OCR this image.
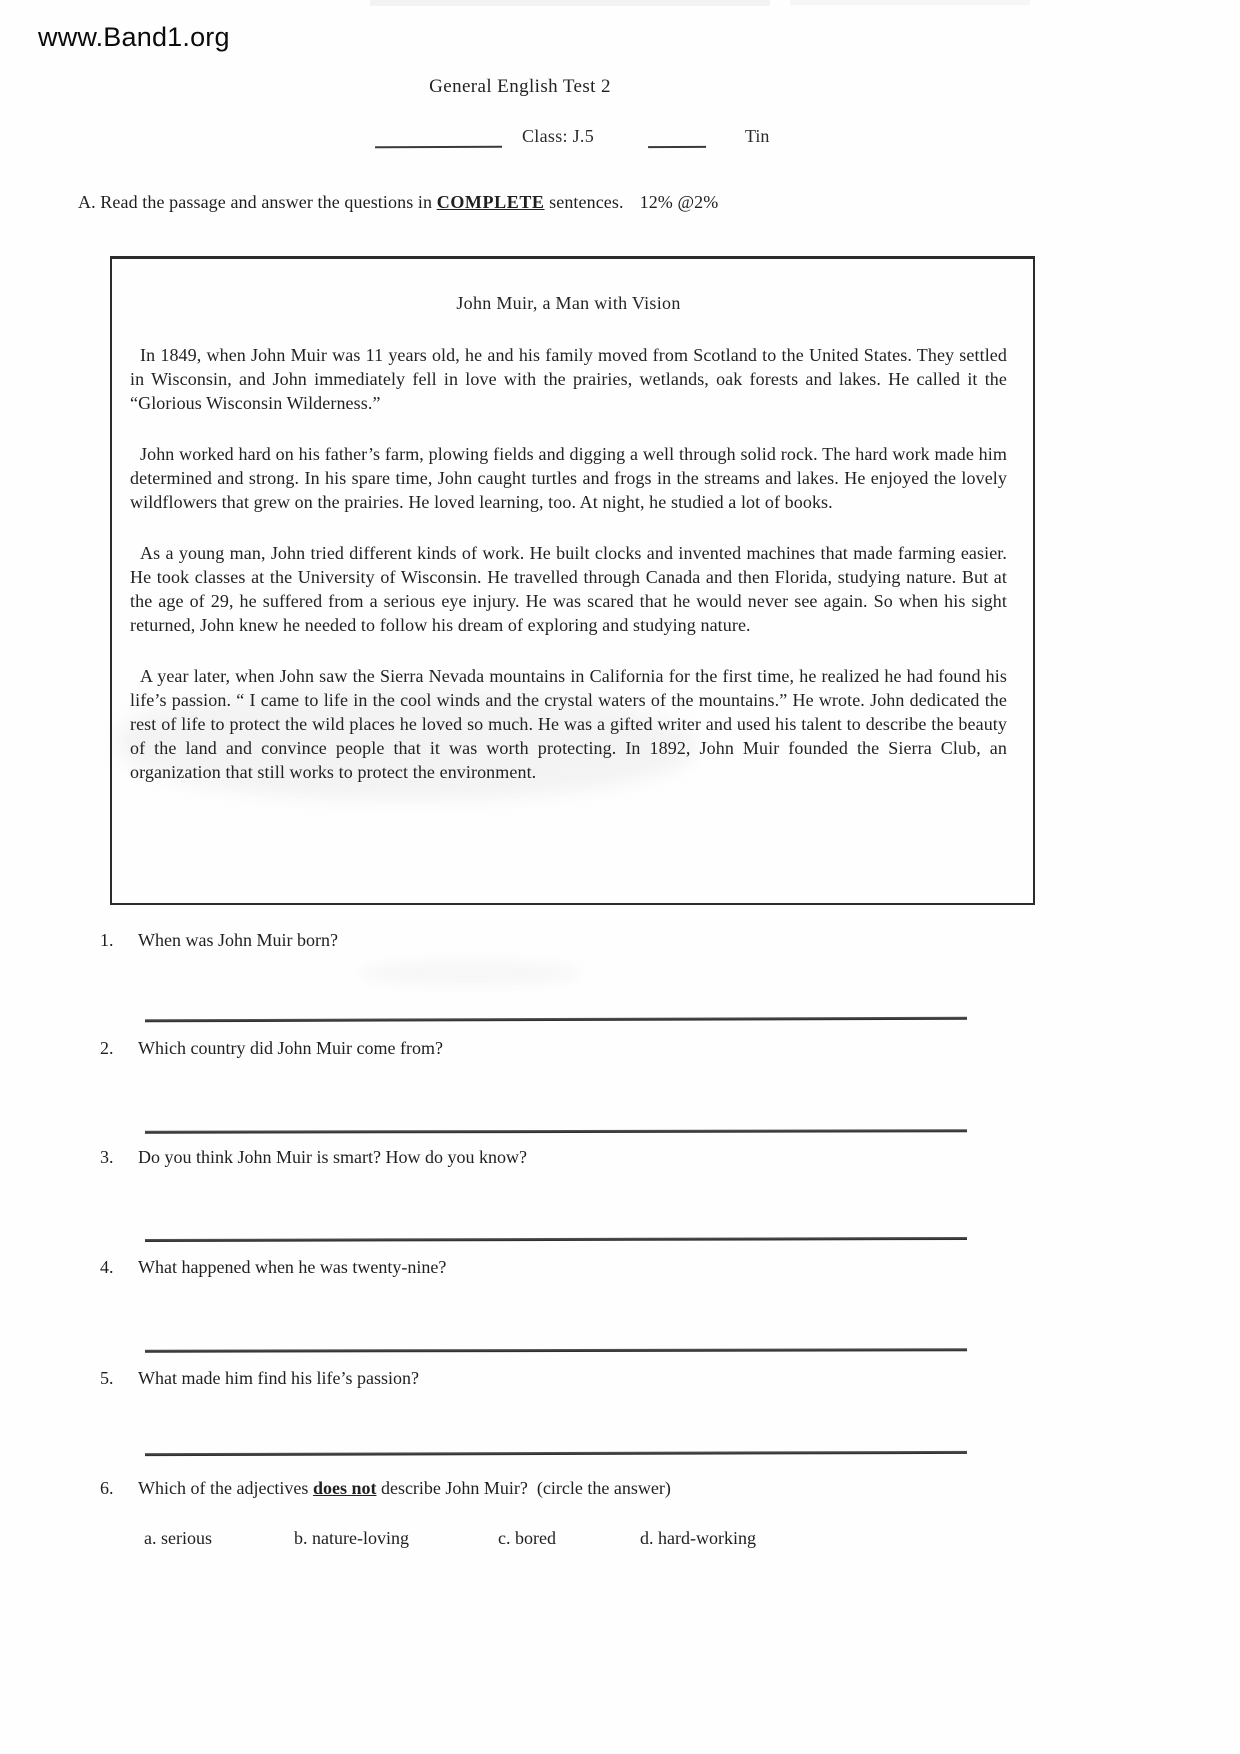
www.Band1.org
General English Test 2
Class: J.5	Tin
A. Read the passage and answer the questions in COMPLETE sentences. 12% @2%
John Muir, a Man with Vision

In 1849, when John Muir was 11 years old, he and his family moved from Scotland to the United States. They settled in Wisconsin, and John immediately fell in love with the prairies, wetlands, oak forests and lakes. He called it the “Glorious Wisconsin Wilderness.”

John worked hard on his father’s farm, plowing fields and digging a well through solid rock. The hard work made him determined and strong. In his spare time, John caught turtles and frogs in the streams and lakes. He enjoyed the lovely wildflowers that grew on the prairies. He loved learning, too. At night, he studied a lot of books.

As a young man, John tried different kinds of work. He built clocks and invented machines that made farming easier. He took classes at the University of Wisconsin. He travelled through Canada and then Florida, studying nature. But at the age of 29, he suffered from a serious eye injury. He was scared that he would never see again. So when his sight returned, John knew he needed to follow his dream of exploring and studying nature.

A year later, when John saw the Sierra Nevada mountains in California for the first time, he realized he had found his life’s passion. “ I came to life in the cool winds and the crystal waters of the mountains.” He wrote. John dedicated the rest of life to protect the wild places he loved so much. He was a gifted writer and used his talent to describe the beauty of the land and convince people that it was worth protecting. In 1892, John Muir founded the Sierra Club, an organization that still works to protect the environment.

1. When was John Muir born?
2. Which country did John Muir come from?
3. Do you think John Muir is smart? How do you know?
4. What happened when he was twenty-nine?
5. What made him find his life’s passion?
6. Which of the adjectives does not describe John Muir?  (circle the answer)
a. serious	b. nature-loving	c. bored	d. hard-working
